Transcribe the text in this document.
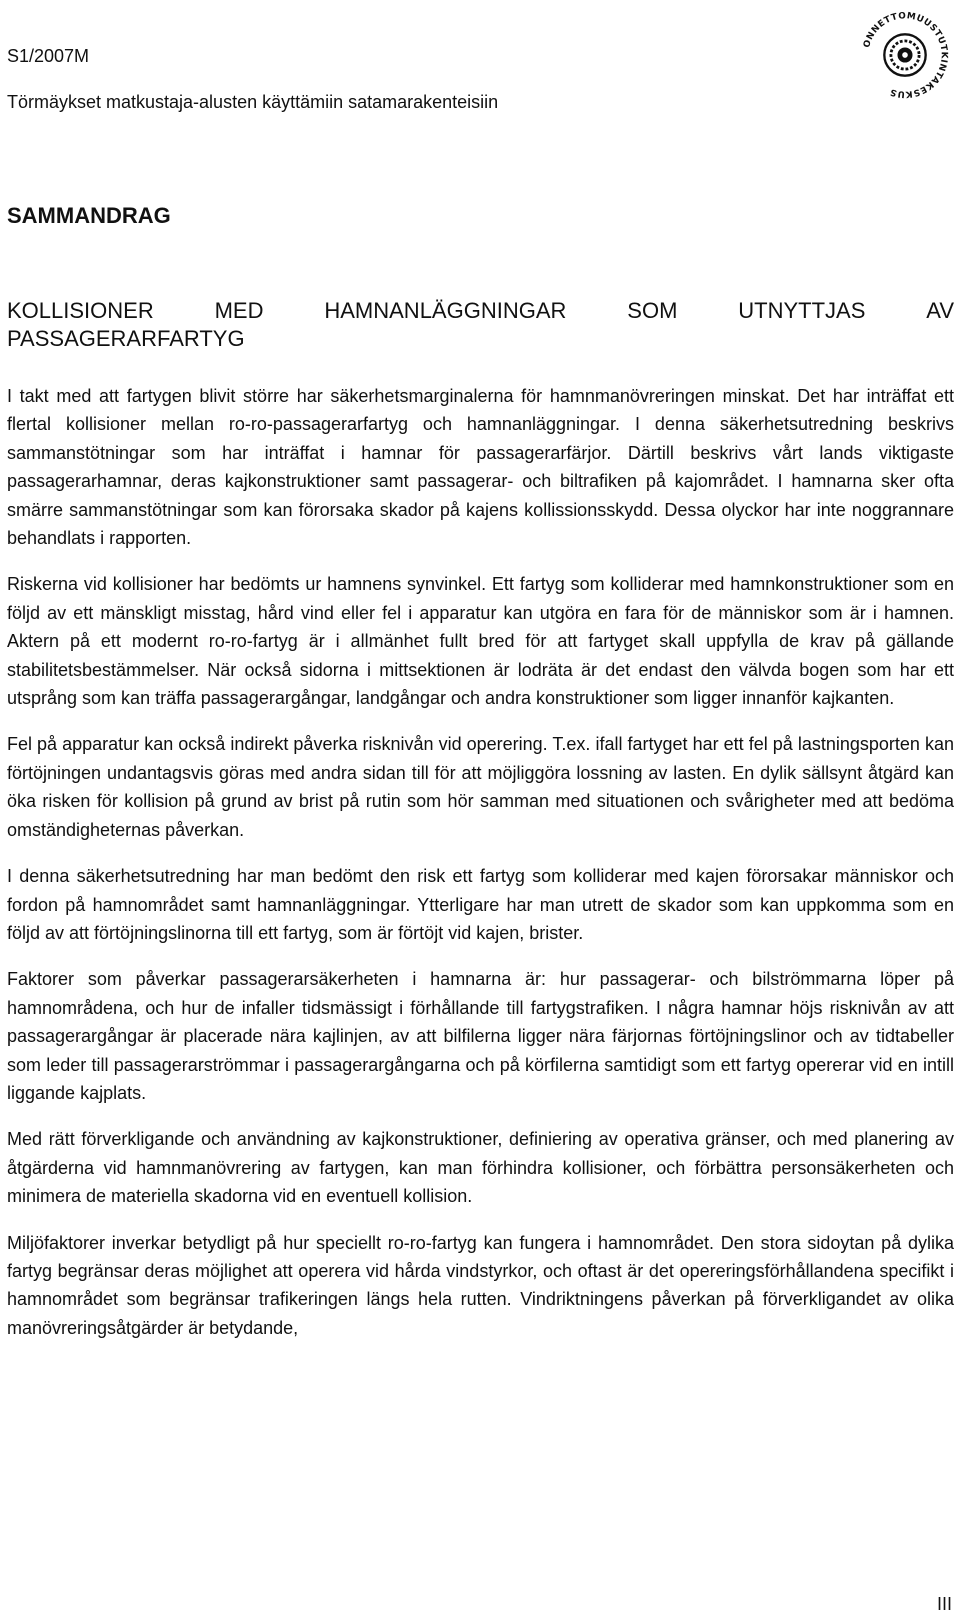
S1/2007M
Törmäykset matkustaja-alusten käyttämiin satamarakenteisiin
ONNETTOMUUSTUTKINTAKESKUS
SAMMANDRAG
KOLLISIONER	MED	HAMNANLÄGGNINGAR	SOM	UTNYTTJAS	AV
PASSAGERARFARTYG

I takt med att fartygen blivit större har säkerhetsmarginalerna för hamnmanövreringen minskat. Det har inträffat ett flertal kollisioner mellan ro-ro-passagerarfartyg och hamnanläggningar. I denna säkerhetsutredning beskrivs sammanstötningar som har inträffat i hamnar för passagerarfärjor. Därtill beskrivs vårt lands viktigaste passagerarhamnar, deras kajkonstruktioner samt passagerar- och biltrafiken på kajområdet. I hamnarna sker ofta smärre sammanstötningar som kan förorsaka skador på kajens kollissionsskydd. Dessa olyckor har inte noggrannare behandlats i rapporten.

Riskerna vid kollisioner har bedömts ur hamnens synvinkel. Ett fartyg som kolliderar med hamnkonstruktioner som en följd av ett mänskligt misstag, hård vind eller fel i apparatur kan utgöra en fara för de människor som är i hamnen. Aktern på ett modernt ro-ro-fartyg är i allmänhet fullt bred för att fartyget skall uppfylla de krav på gällande stabilitetsbestämmelser. När också sidorna i mittsektionen är lodräta är det endast den välvda bogen som har ett utsprång som kan träffa passagerargångar, landgångar och andra konstruktioner som ligger innanför kajkanten.

Fel på apparatur kan också indirekt påverka risknivån vid operering. T.ex. ifall fartyget har ett fel på lastningsporten kan förtöjningen undantagsvis göras med andra sidan till för att möjliggöra lossning av lasten. En dylik sällsynt åtgärd kan öka risken för kollision på grund av brist på rutin som hör samman med situationen och svårigheter med att bedöma omständigheternas påverkan.

I denna säkerhetsutredning har man bedömt den risk ett fartyg som kolliderar med kajen förorsakar människor och fordon på hamnområdet samt hamnanläggningar. Ytterligare har man utrett de skador som kan uppkomma som en följd av att förtöjningslinorna till ett fartyg, som är förtöjt vid kajen, brister.

Faktorer som påverkar passagerarsäkerheten i hamnarna är: hur passagerar- och bilströmmarna löper på hamnområdena, och hur de infaller tidsmässigt i förhållande till fartygstrafiken. I några hamnar höjs risknivån av att passagerargångar är placerade nära kajlinjen, av att bilfilerna ligger nära färjornas förtöjningslinor och av tidtabeller som leder till passagerarströmmar i passagerargångarna och på körfilerna samtidigt som ett fartyg opererar vid en intill liggande kajplats.

Med rätt förverkligande och användning av kajkonstruktioner, definiering av operativa gränser, och med planering av åtgärderna vid hamnmanövrering av fartygen, kan man förhindra kollisioner, och förbättra personsäkerheten och minimera de materiella skadorna vid en eventuell kollision.

Miljöfaktorer inverkar betydligt på hur speciellt ro-ro-fartyg kan fungera i hamnområdet. Den stora sidoytan på dylika fartyg begränsar deras möjlighet att operera vid hårda vindstyrkor, och oftast är det opereringsförhållandena specifikt i hamnområdet som begränsar trafikeringen längs hela rutten. Vindriktningens påverkan på förverkligandet av olika manövreringsåtgärder är betydande,

III
